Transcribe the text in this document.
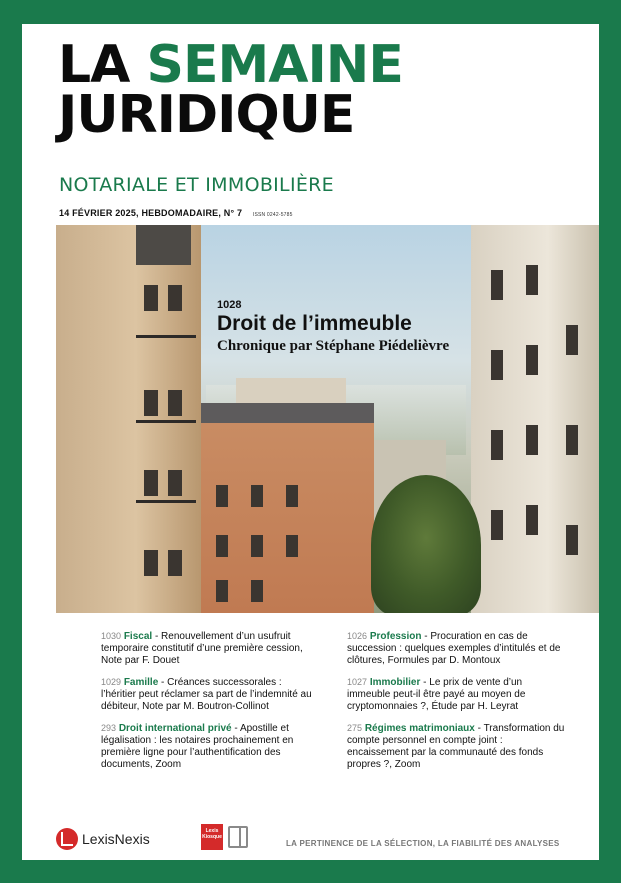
LA SEMAINE
JURIDIQUE
NOTARIALE ET IMMOBILIÈRE
14 FÉVRIER 2025, HEBDOMADAIRE, N° 7 ISSN 0242-5785
1028
Droit de l’immeuble
Chronique par Stéphane Piédelièvre
1030 Fiscal - Renouvellement d’un usufruit temporaire constitutif d’une première cession, Note par F. Douet
1029 Famille - Créances successorales : l’héritier peut réclamer sa part de l’indemnité au débiteur, Note par M. Boutron-Collinot
293 Droit international privé - Apostille et légalisation : les notaires prochainement en première ligne pour l’authentification des documents, Zoom
1026 Profession - Procuration en cas de succession : quelques exemples d’intitulés et de clôtures, Formules par D. Montoux
1027 Immobilier - Le prix de vente d’un immeuble peut-il être payé au moyen de cryptomonnaies ?, Étude par H. Leyrat
275 Régimes matrimoniaux - Transformation du compte personnel en compte joint : encaissement par la communauté des fonds propres ?, Zoom
LexisNexis	Lexis Kiosque
LA PERTINENCE DE LA SÉLECTION, LA FIABILITÉ DES ANALYSES
